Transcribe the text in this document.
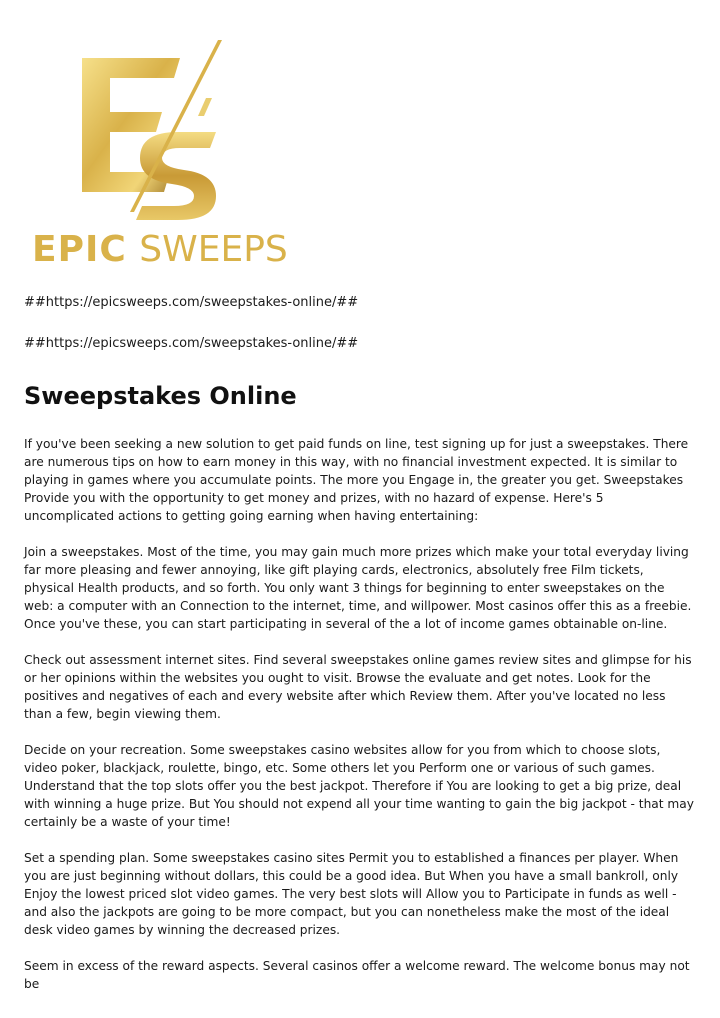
EPIC SWEEPS
##https://epicsweeps.com/sweepstakes-online/##
##https://epicsweeps.com/sweepstakes-online/##
Sweepstakes Online

If you've been seeking a new solution to get paid funds on line, test signing up for just a sweepstakes. There are numerous tips on how to earn money in this way, with no financial investment expected. It is similar to playing in games where you accumulate points. The more you Engage in, the greater you get. Sweepstakes Provide you with the opportunity to get money and prizes, with no hazard of expense. Here's 5 uncomplicated actions to getting going earning when having entertaining:

Join a sweepstakes. Most of the time, you may gain much more prizes which make your total everyday living far more pleasing and fewer annoying, like gift playing cards, electronics, absolutely free Film tickets, physical Health products, and so forth. You only want 3 things for beginning to enter sweepstakes on the web: a computer with an Connection to the internet, time, and willpower. Most casinos offer this as a freebie. Once you've these, you can start participating in several of the a lot of income games obtainable on-line.

Check out assessment internet sites. Find several sweepstakes online games review sites and glimpse for his or her opinions within the websites you ought to visit. Browse the evaluate and get notes. Look for the positives and negatives of each and every website after which Review them. After you've located no less than a few, begin viewing them.

Decide on your recreation. Some sweepstakes casino websites allow for you from which to choose slots, video poker, blackjack, roulette, bingo, etc. Some others let you Perform one or various of such games. Understand that the top slots offer you the best jackpot. Therefore if You are looking to get a big prize, deal with winning a huge prize. But You should not expend all your time wanting to gain the big jackpot - that may certainly be a waste of your time!

Set a spending plan. Some sweepstakes casino sites Permit you to established a finances per player. When you are just beginning without dollars, this could be a good idea. But When you have a small bankroll, only Enjoy the lowest priced slot video games. The very best slots will Allow you to Participate in funds as well - and also the jackpots are going to be more compact, but you can nonetheless make the most of the ideal desk video games by winning the decreased prizes.

Seem in excess of the reward aspects. Several casinos offer a welcome reward. The welcome bonus may not be
